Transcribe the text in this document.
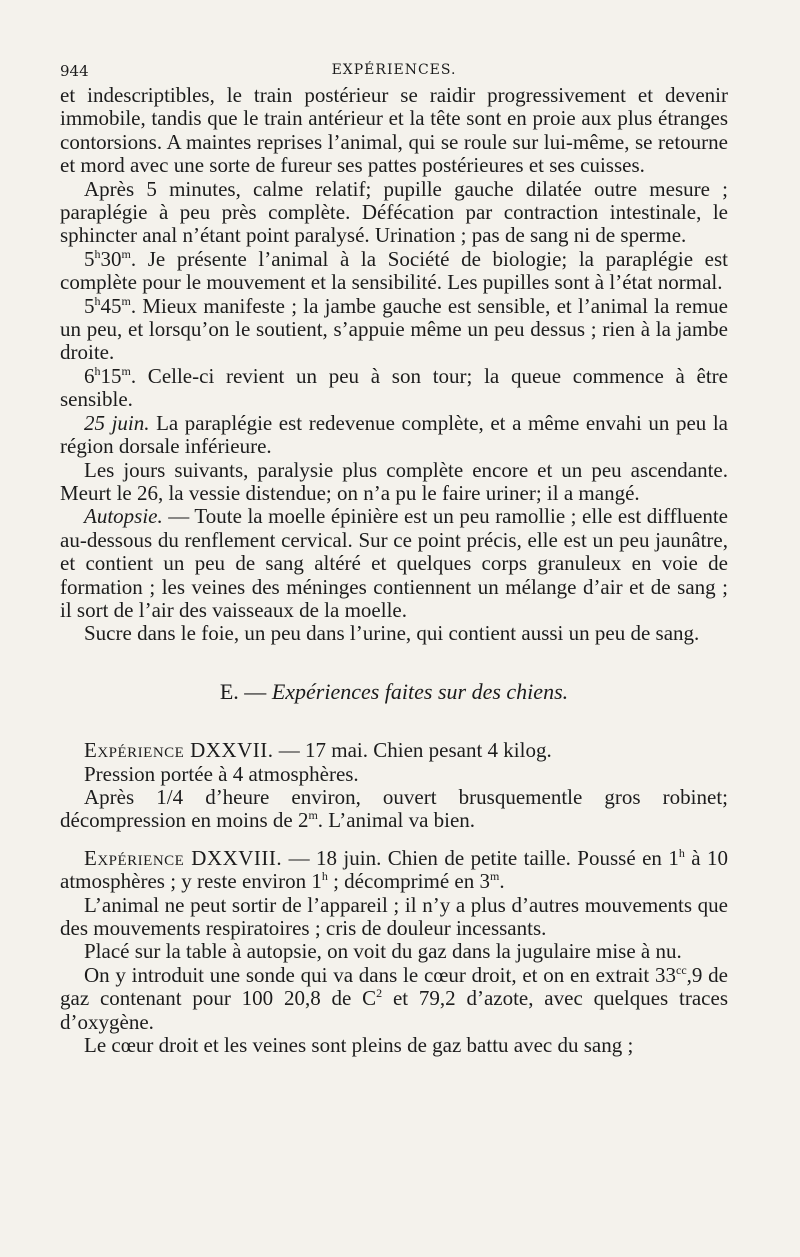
944	EXPÉRIENCES.

et indescriptibles, le train postérieur se raidir progressivement et devenir immobile, tandis que le train antérieur et la tête sont en proie aux plus étranges contorsions. A maintes reprises l’animal, qui se roule sur lui-même, se retourne et mord avec une sorte de fureur ses pattes postérieures et ses cuisses.

Après 5 minutes, calme relatif; pupille gauche dilatée outre mesure ; paraplégie à peu près complète. Défécation par contraction intestinale, le sphincter anal n’étant point paralysé. Urination ; pas de sang ni de sperme.

5$^h$30$^m$. Je présente l’animal à la Société de biologie; la paraplégie est complète pour le mouvement et la sensibilité. Les pupilles sont à l’état normal.

5$^h$45$^m$. Mieux manifeste ; la jambe gauche est sensible, et l’animal la remue un peu, et lorsqu’on le soutient, s’appuie même un peu dessus ; rien à la jambe droite.

6$^h$15$^m$. Celle-ci revient un peu à son tour; la queue commence à être sensible.

25 juin. La paraplégie est redevenue complète, et a même envahi un peu la région dorsale inférieure.

Les jours suivants, paralysie plus complète encore et un peu ascendante. Meurt le 26, la vessie distendue; on n’a pu le faire uriner; il a mangé.

Autopsie. — Toute la moelle épinière est un peu ramollie ; elle est diffluente au-dessous du renflement cervical. Sur ce point précis, elle est un peu jaunâtre, et contient un peu de sang altéré et quelques corps granuleux en voie de formation ; les veines des méninges contiennent un mélange d’air et de sang ; il sort de l’air des vaisseaux de la moelle.

Sucre dans le foie, un peu dans l’urine, qui contient aussi un peu de sang.

E. — Expériences faites sur des chiens.

Expérience DXXVII. — 17 mai. Chien pesant 4 kilog.

Pression portée à 4 atmosphères.

Après 1/4 d’heure environ, ouvert brusquementle gros robinet; décompression en moins de 2$^m$. L’animal va bien.

Expérience DXXVIII. — 18 juin. Chien de petite taille. Poussé en 1$^h$ à 10 atmosphères ; y reste environ 1$^h$ ; décomprimé en 3$^m$.

L’animal ne peut sortir de l’appareil ; il n’y a plus d’autres mouvements que des mouvements respiratoires ; cris de douleur incessants.

Placé sur la table à autopsie, on voit du gaz dans la jugulaire mise à nu.

On y introduit une sonde qui va dans le cœur droit, et on en extrait $33^{cc},9$ de gaz contenant pour 100 20,8 de $C^2$ et 79,2 d’azote, avec quelques traces d’oxygène.

Le cœur droit et les veines sont pleins de gaz battu avec du sang ;
